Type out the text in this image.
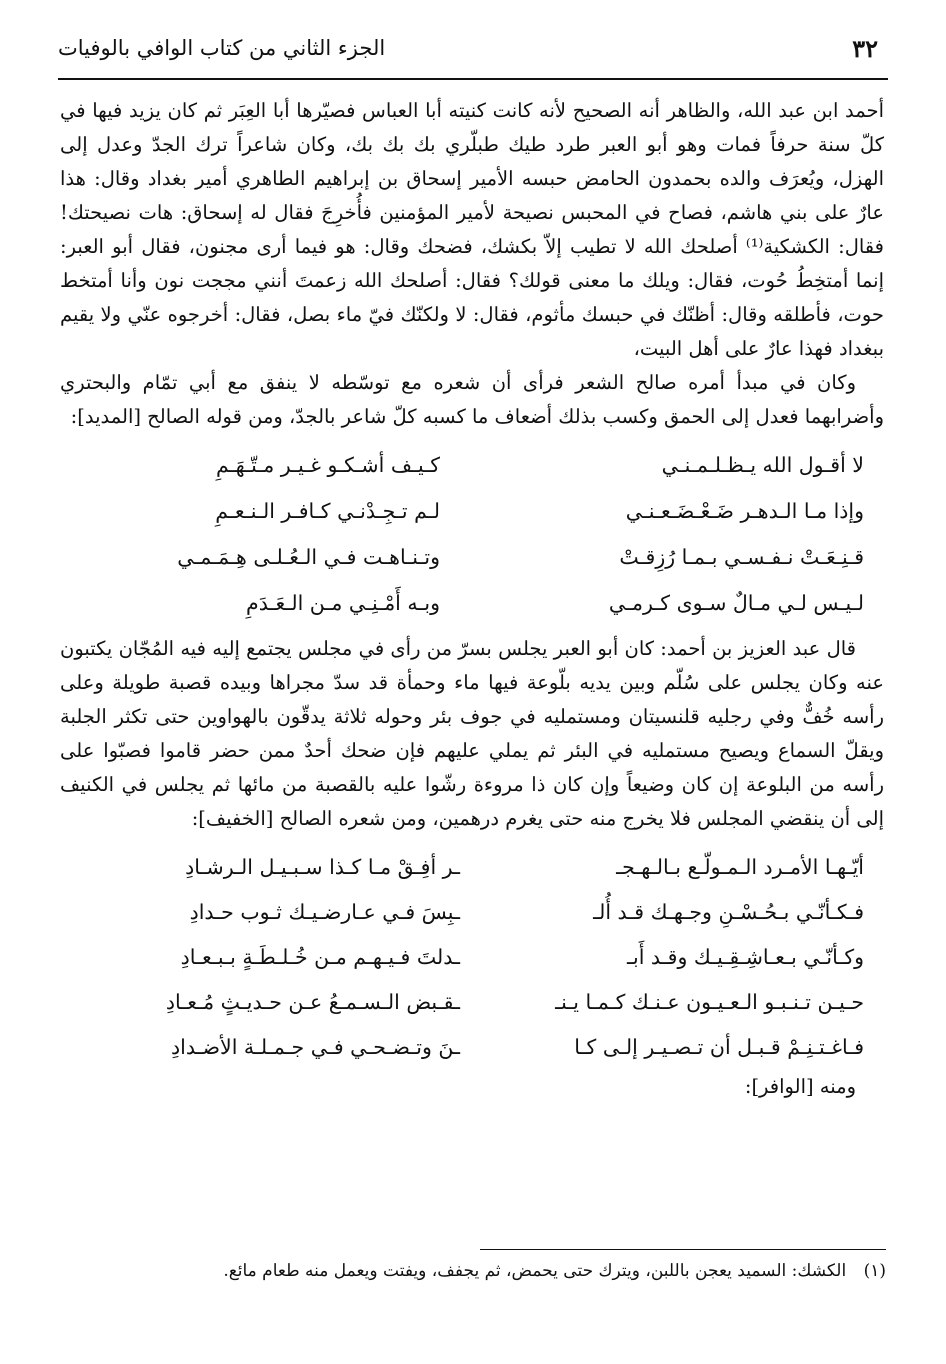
٣٢
الجزء الثاني من كتاب الوافي بالوفيات

أحمد ابن عبد الله، والظاهر أنه الصحيح لأنه كانت كنيته أبا العباس فصيّرها أبا العِبَر ثم كان يزيد فيها في كلّ سنة حرفاً فمات وهو أبو العبر طرد طيك طبلّري بك بك بك، وكان شاعراً ترك الجدّ وعدل إلى الهزل، ويُعرَف والده بحمدون الحامض حبسه الأمير إسحاق بن إبراهيم الطاهري أمير بغداد وقال: هذا عارٌ على بني هاشم، فصاح في المحبس نصيحة لأمير المؤمنين فأُخرِجَ فقال له إسحاق: هات نصيحتك! فقال: الكشكية⁽¹⁾ أصلحك الله لا تطيب إلاّ بكشك، فضحك وقال: هو فيما أرى مجنون، فقال أبو العبر: إنما أمتخِطُ حُوت، فقال: ويلك ما معنى قولك؟ فقال: أصلحك الله زعمتَ أنني مججت نون وأنا أمتخط حوت، فأطلقه وقال: أظنّك في حبسك مأثوم، فقال: لا ولكنّك فيّ ماء بصل، فقال: أخرجوه عنّي ولا يقيم ببغداد فهذا عارٌ على أهل البيت،

وكان في مبدأ أمره صالح الشعر فرأى أن شعره مع توسّطه لا ينفق مع أبي تمّام والبحتري وأضرابهما فعدل إلى الحمق وكسب بذلك أضعاف ما كسبه كلّ شاعر بالجدّ، ومن قوله الصالح [المديد]:

لا أقـول الله يـظـلـمـنـي
كـيـف أشـكـو غـيـر مـتّـهَـمِ
وإذا مـا الـدهـر ضَـعْـضَـعـنـي
لـم تـجِـدْنـي كـافـر الـنـعـمِ
قـنِـعَـتْ نـفـسـي بـمـا رُزِقـتْ
وتـنـاهـت فـي الـعُـلـى هِـمَـمـي
لـيـس لـي مـالٌ سـوى كـرمـي
وبـه أَمْـنِـي مـن الـعَـدَمِ

قال عبد العزيز بن أحمد: كان أبو العبر يجلس بسرّ من رأى في مجلس يجتمع إليه فيه المُجّان يكتبون عنه وكان يجلس على سُلّم وبين يديه بلّوعة فيها ماء وحمأة قد سدّ مجراها وبيده قصبة طويلة وعلى رأسه خُفٌّ وفي رجليه قلنسيتان ومستمليه في جوف بئر وحوله ثلاثة يدقّون بالهواوين حتى تكثر الجلبة ويقلّ السماع ويصيح مستمليه في البئر ثم يملي عليهم فإن ضحك أحدٌ ممن حضر قاموا فصبّوا على رأسه من البلوعة إن كان وضيعاً وإن كان ذا مروءة رشّوا عليه بالقصبة من مائها ثم يجلس في الكنيف إلى أن ينقضي المجلس فلا يخرج منه حتى يغرم درهمين، ومن شعره الصالح [الخفيف]:

أيّـهـا الأمـرد الـمـولّـع بـالـهـجـ
ـر أفِـقْ مـا كـذا سـبـيـل الـرشـادِ
فـكـأنّـي بـحُـسْـنِ وجـهـك قـد أُلـ
ـبِسَ فـي عـارضـيـك ثـوب حـدادِ
وكـأنّـي بـعـاشِـقِـيـك وقـد أَبـ
ـدلتَ فـيـهـم مـن خُـلـطَـةٍ بـبـعـادِ
حـيـن تـنـبـو الـعـيـون عـنـك كـمـا يـنـ
ـقـبض الـسـمـعُ عـن حـديـثٍ مُـعـادِ
فـاغـتـنِـمْ قـبـل أن تـصـيـر إلـى كـا
ـنَ وتـضـحـي فـي جـمـلـة الأضـدادِ
ومنه [الوافر]:
(١) الكشك: السميد يعجن باللبن، ويترك حتى يحمض، ثم يجفف، ويفتت ويعمل منه طعام مائع.
